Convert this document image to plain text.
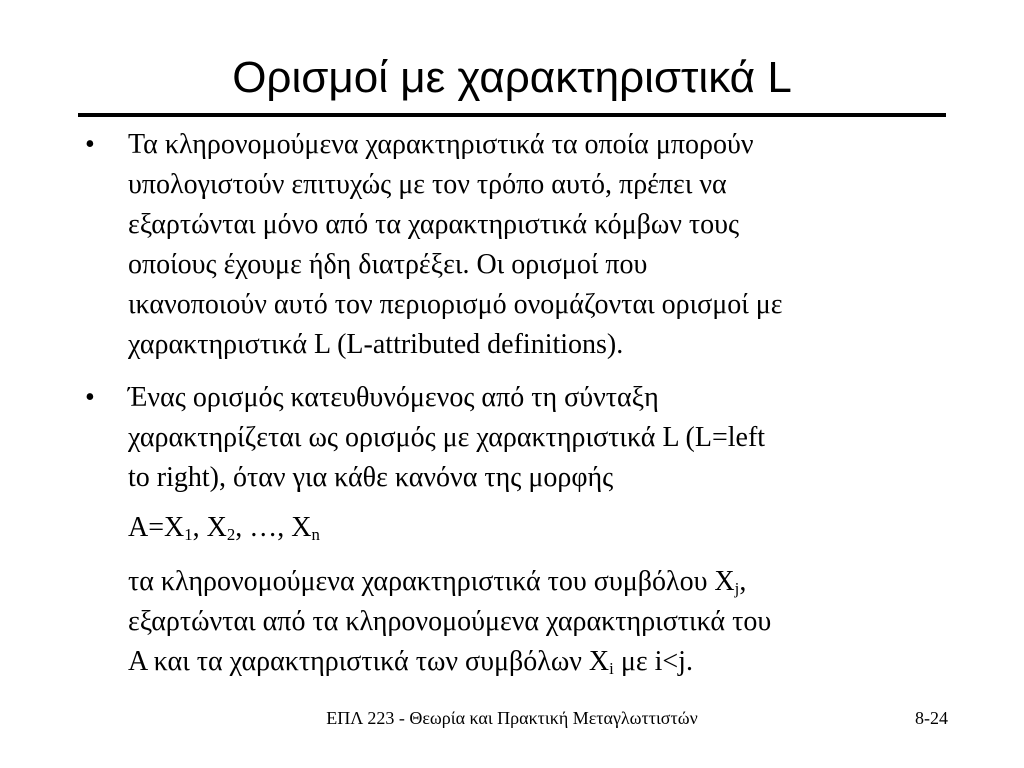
Ορισμοί με χαρακτηριστικά L
• Τα κληρονομούμενα χαρακτηριστικά τα οποία μπορούν
υπολογιστούν επιτυχώς με τον τρόπο αυτό, πρέπει να
εξαρτώνται μόνο από τα χαρακτηριστικά κόμβων τους
οποίους έχουμε ήδη διατρέξει. Οι ορισμοί που
ικανοποιούν αυτό τον περιορισμό ονομάζονται ορισμοί με
χαρακτηριστικά L (L-attributed definitions).
• Ένας ορισμός κατευθυνόμενος από τη σύνταξη
χαρακτηρίζεται ως ορισμός με χαρακτηριστικά L (L=left
to right), όταν για κάθε κανόνα της μορφής
$A=X_1$, $X_2$, …, $X_n$
τα κληρονομούμενα χαρακτηριστικά του συμβόλου $X_j$,
εξαρτώνται από τα κληρονομούμενα χαρακτηριστικά του
A και τα χαρακτηριστικά των συμβόλων $X_i$ με i<j.
ΕΠΛ 223 - Θεωρία και Πρακτική Μεταγλωττιστών	8-24
